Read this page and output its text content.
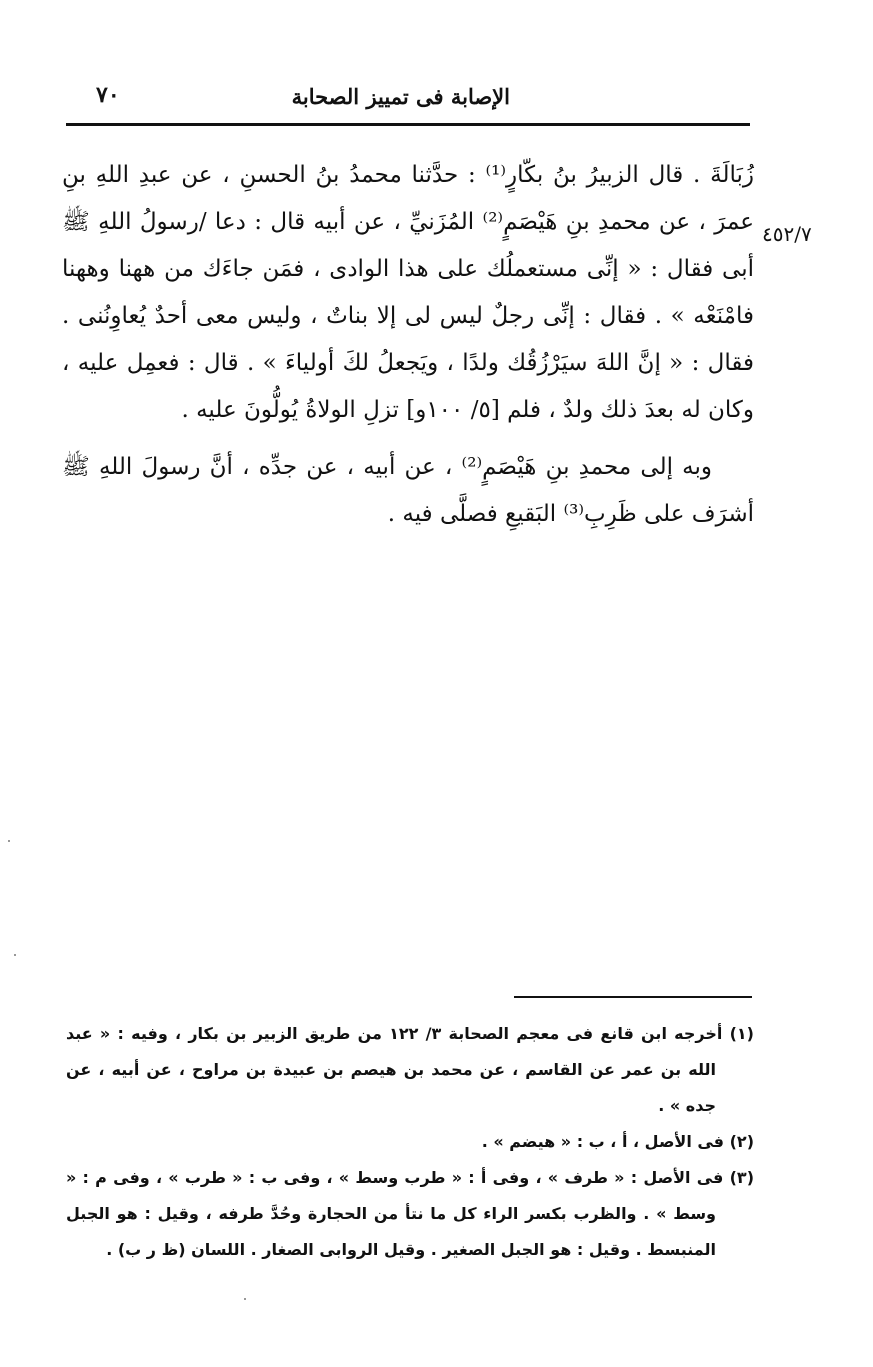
٧٠	الإصابة فى تمييز الصحابة
٤٥٢/٧

زُبَالَةَ . قال الزبيرُ بنُ بكّارٍ⁽¹⁾ : حدَّثنا محمدُ بنُ الحسنِ ، عن عبدِ اللهِ بنِ عمرَ ، عن محمدِ بنِ هَيْصَمٍ⁽²⁾ المُزَنيِّ ، عن أبيه قال : دعا /رسولُ اللهِ ﷺ أبى فقال : « إنِّى مستعملُك على هذا الوادى ، فمَن جاءَك من ههنا وههنا فامْنَعْه » . فقال : إنِّى رجلٌ ليس لى إلا بناتٌ ، وليس معى أحدٌ يُعاوِنُنى . فقال : « إنَّ اللهَ سيَرْزُقُك ولدًا ، ويَجعلُ لكَ أولياءَ » . قال : فعمِل عليه ، وكان له بعدَ ذلك ولدٌ ، فلم [٥/ ١٠٠و] تزلِ الولاةُ يُولُّونَ عليه .

وبه إلى محمدِ بنِ هَيْصَمٍ⁽²⁾ ، عن أبيه ، عن جدِّه ، أنَّ رسولَ اللهِ ﷺ أشرَف على ظَرِبِ⁽³⁾ البَقيعِ فصلَّى فيه .

(١) أخرجه ابن قانع فى معجم الصحابة ٣/ ١٢٢ من طريق الزبير بن بكار ، وفيه : « عبد الله بن عمر عن القاسم ، عن محمد بن هيصم بن عبيدة بن مراوح ، عن أبيه ، عن جده » .
(٢) فى الأصل ، أ ، ب : « هيضم » .
(٣) فى الأصل : « طرف » ، وفى أ : « طرب وسط » ، وفى ب : « طرب » ، وفى م : « وسط » . والظرب بكسر الراء كل ما نتأ من الحجارة وحُدَّ طرفه ، وقيل : هو الجبل المنبسط . وقيل : هو الجبل الصغير . وقيل الروابى الصغار . اللسان (ظ ر ب) .
